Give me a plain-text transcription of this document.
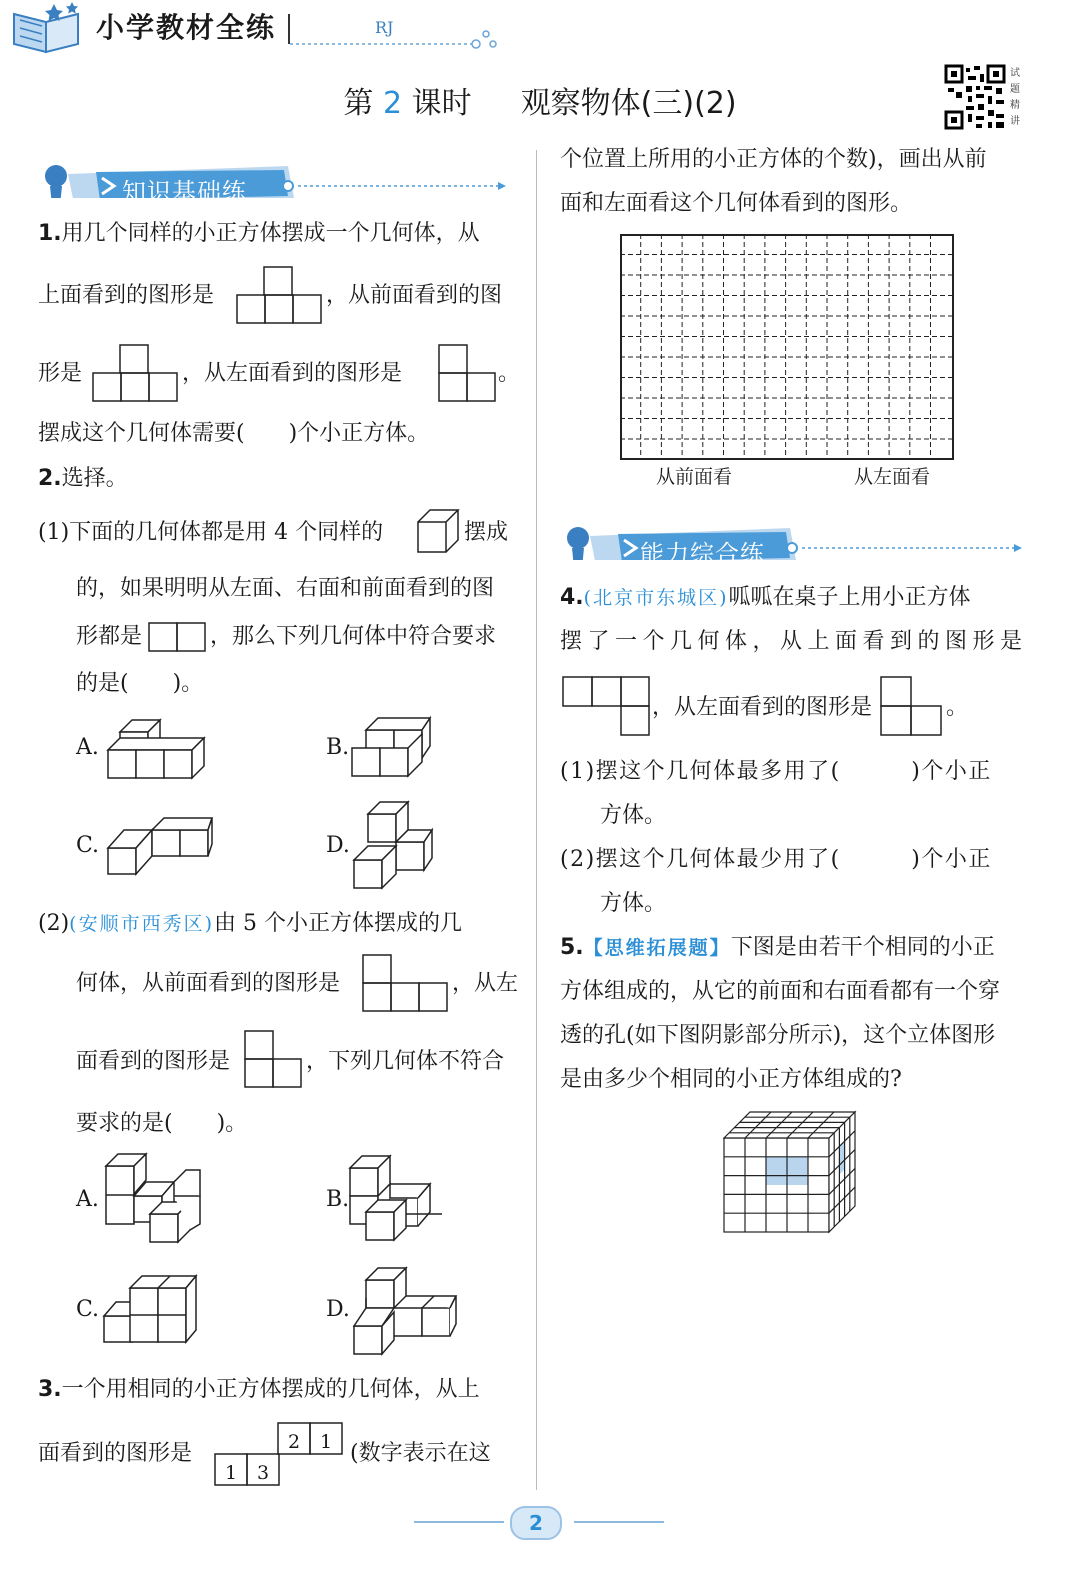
小学教材全练	RJ
第 2 课时 观察物体(三)(2)
试
题
精
讲
知识基础练
1.用几个同样的小正方体摆成一个几何体，从
上面看到的图形是	，从前面看到的图
形是	，从左面看到的图形是	。
摆成这个几何体需要(　　)个小正方体。
2.选择。
(1)下面的几何体都是用 4 个同样的	摆成
的，如果明明从左面、右面和前面看到的图
形都是	，那么下列几何体中符合要求
的是(　　)。
A.	B.
C.	D.
(2)(安顺市西秀区)由 5 个小正方体摆成的几
何体，从前面看到的图形是	，从左
面看到的图形是	，下列几何体不符合
要求的是(　　)。
A.	B.
C.	D.
3.一个用相同的小正方体摆成的几何体，从上
面看到的图形是	2 1
1 3
(数字表示在这
个位置上所用的小正方体的个数)，画出从前
面和左面看这个几何体看到的图形。
从前面看	从左面看
能力综合练
4.(北京市东城区)呱呱在桌子上用小正方体
摆了一个几何体，从上面看到的图形是
，从左面看到的图形是	。
(1)摆这个几何体最多用了(　　　)个小正
方体。
(2)摆这个几何体最少用了(　　　)个小正
方体。
5.【思维拓展题】下图是由若干个相同的小正
方体组成的，从它的前面和右面看都有一个穿
透的孔(如下图阴影部分所示)，这个立体图形
是由多少个相同的小正方体组成的?
2
